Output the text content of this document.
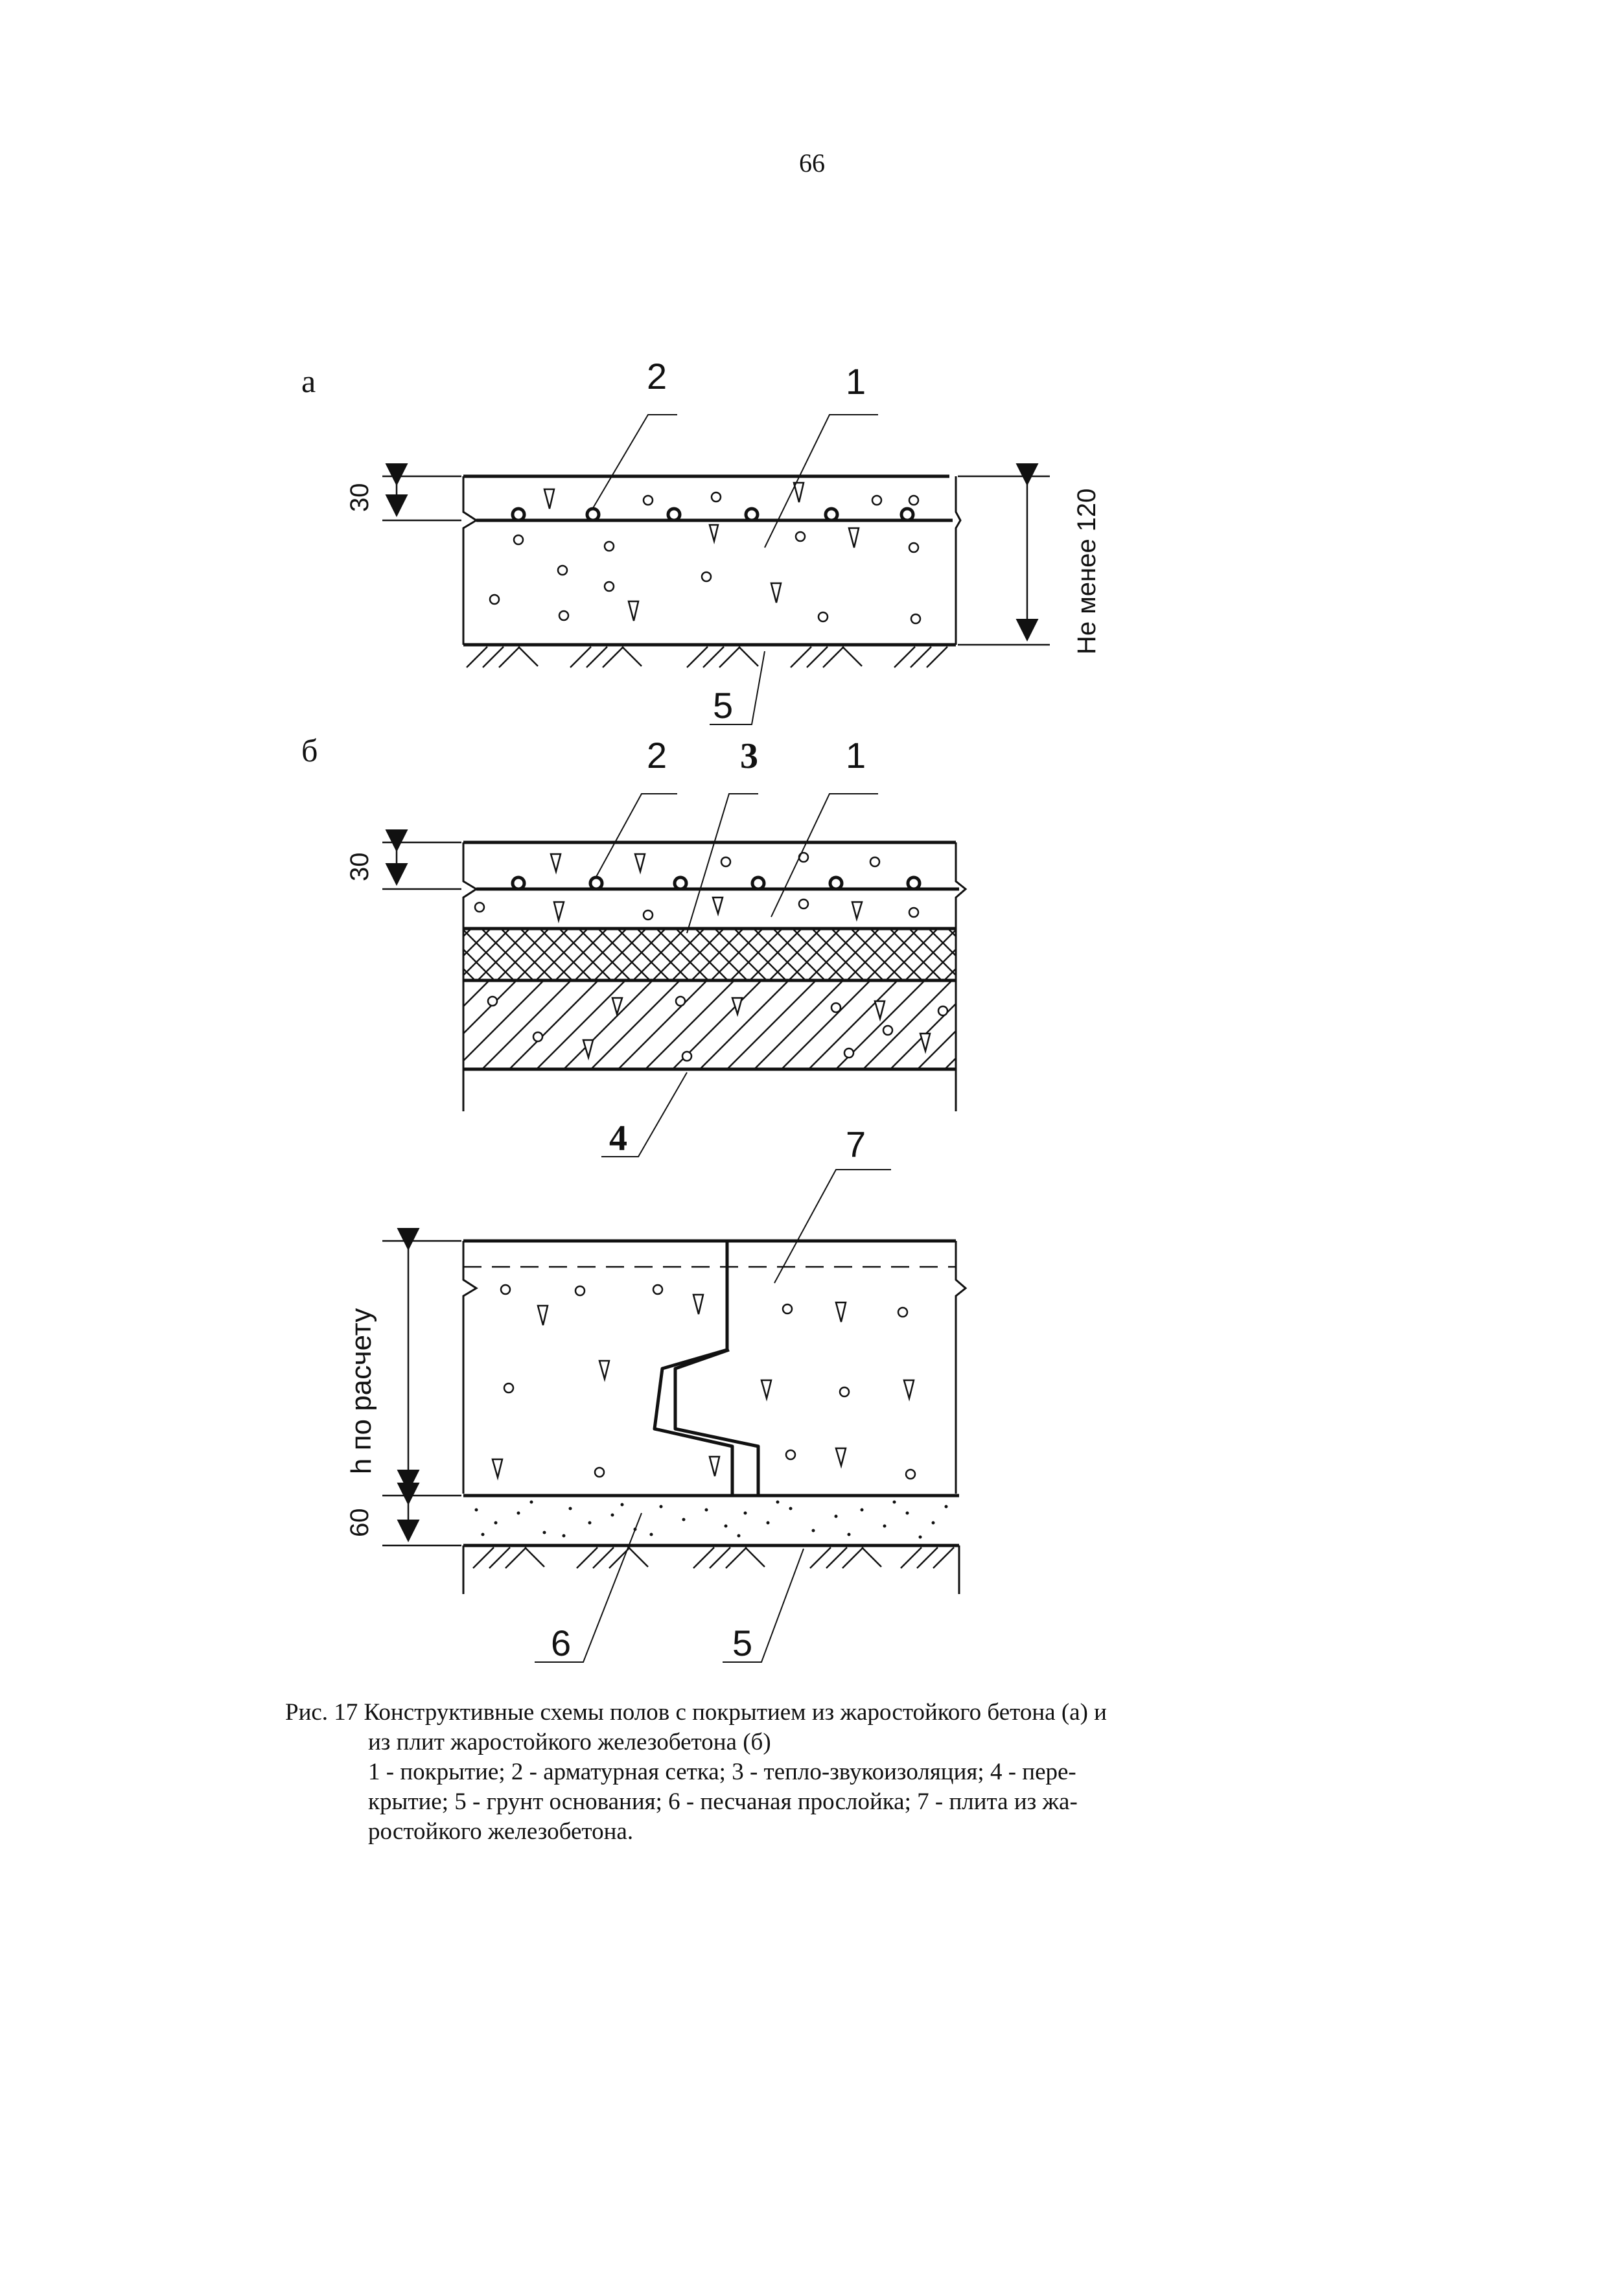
66
а	2	1
5
30	Не менее 120
б	2 3 1
4
30
7
6	5
h по расчету
60
Рис. 17 Конструктивные схемы полов с покрытием из жаростойкого бетона (а) и
из плит жаростойкого железобетона (б)
1 - покрытие; 2 - арматурная сетка; 3 - тепло-звукоизоляция; 4 - пере-
крытие; 5 - грунт основания; 6 - песчаная прослойка; 7 - плита из жа-
ростойкого железобетона.
